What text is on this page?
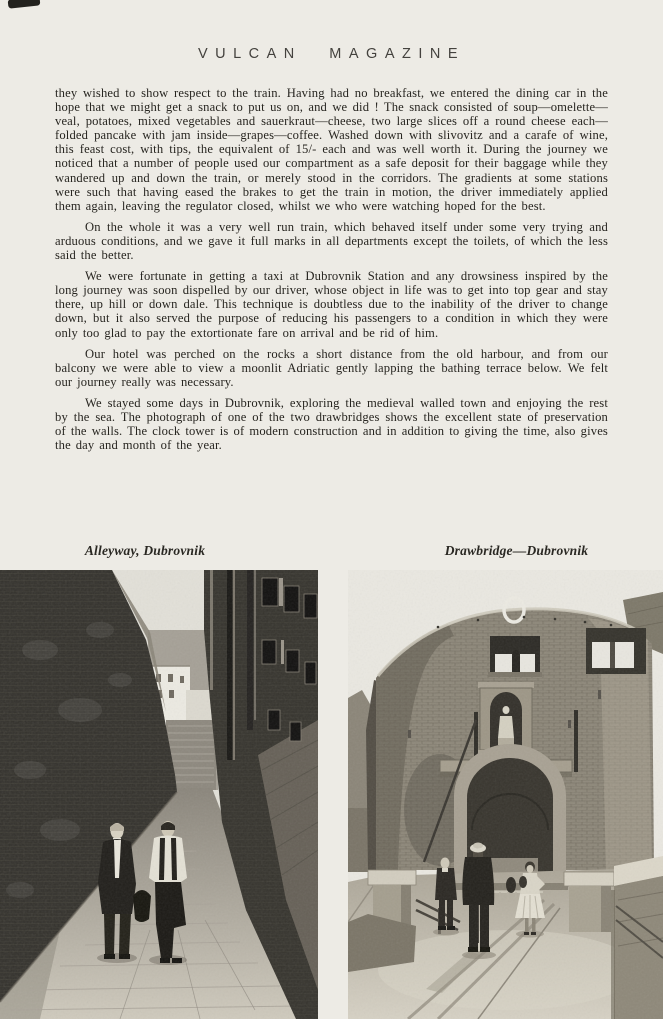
VULCAN MAGAZINE

they wished to show respect to the train. Having had no breakfast, we entered the dining car in the hope that we might get a snack to put us on, and we did ! The snack consisted of soup—omelette—veal, potatoes, mixed vegetables and sauerkraut—cheese, two large slices off a round cheese each—folded pancake with jam inside—grapes—coffee. Washed down with slivovitz and a carafe of wine, this feast cost, with tips, the equivalent of 15/- each and was well worth it. During the journey we noticed that a number of people used our compartment as a safe deposit for their baggage while they wandered up and down the train, or merely stood in the corridors. The gradients at some stations were such that having eased the brakes to get the train in motion, the driver immediately applied them again, leaving the regulator closed, whilst we who were watching hoped for the best.

On the whole it was a very well run train, which behaved itself under some very trying and arduous conditions, and we gave it full marks in all departments except the toilets, of which the less said the better.

We were fortunate in getting a taxi at Dubrovnik Station and any drowsiness inspired by the long journey was soon dispelled by our driver, whose object in life was to get into top gear and stay there, up hill or down dale. This technique is doubtless due to the inability of the driver to change down, but it also served the purpose of reducing his passengers to a condition in which they were only too glad to pay the extortionate fare on arrival and be rid of him.

Our hotel was perched on the rocks a short distance from the old harbour, and from our balcony we were able to view a moonlit Adriatic gently lapping the bathing terrace below. We felt our journey really was necessary.

We stayed some days in Dubrovnik, exploring the medieval walled town and enjoying the rest by the sea. The photograph of one of the two drawbridges shows the excellent state of preservation of the walls. The clock tower is of modern construction and in addition to giving the time, also gives the day and month of the year.

Alleyway, Dubrovnik	Drawbridge—Dubrovnik
